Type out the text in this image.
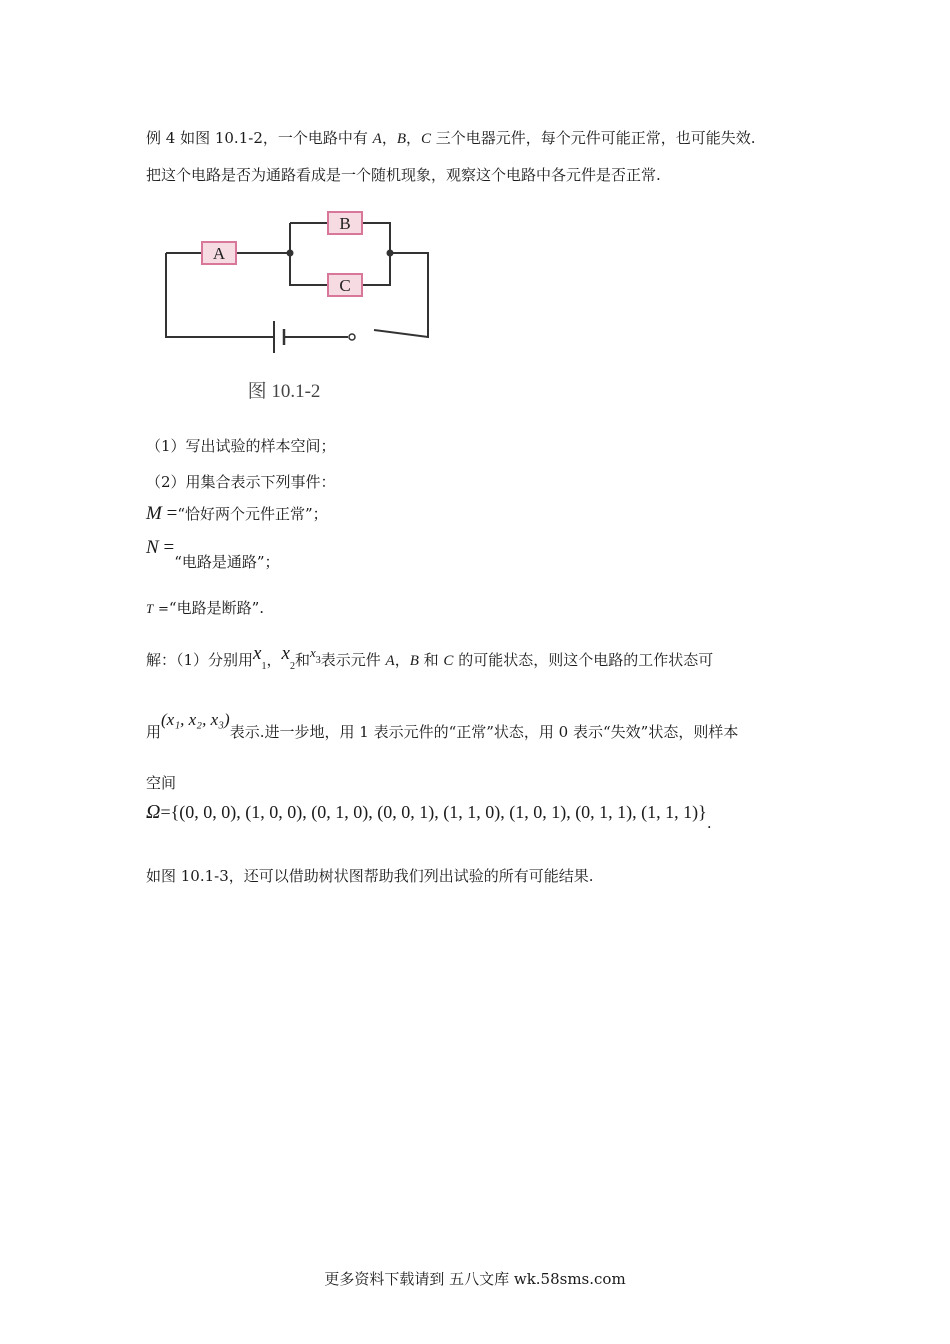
例 4 如图 10.1-2，一个电路中有 A，B，C 三个电器元件，每个元件可能正常，也可能失效.
把这个电路是否为通路看成是一个随机现象，观察这个电路中各元件是否正常.
A
B
C
图 10.1-2
（1）写出试验的样本空间；
（2）用集合表示下列事件：
M =“恰好两个元件正常”；
N =“电路是通路”；
T =“电路是断路”.
解：（1）分别用$x_1$，$x_2$和$x_3$表示元件 A，B 和 C 的可能状态，则这个电路的工作状态可
用(x₁, x₂, x₃)表示.进一步地，用 1 表示元件的“正常”状态，用 0 表示“失效”状态，则样本
空间
Ω={(0, 0, 0), (1, 0, 0), (0, 1, 0), (0, 0, 1), (1, 1, 0), (1, 0, 1), (0, 1, 1), (1, 1, 1)}.
如图 10.1-3，还可以借助树状图帮助我们列出试验的所有可能结果.
更多资料下载请到 五八文库 wk.58sms.com
